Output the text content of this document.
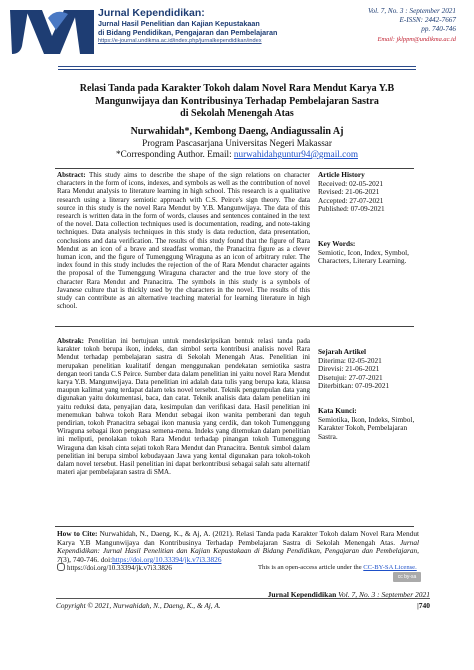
Jurnal Kependidikan:
Jurnal Hasil Penelitian dan Kajian Kepustakaan
di Bidang Pendidikan, Pengajaran dan Pembelajaran
https://e-journal.undikma.ac.id/index.php/jurnalkependidikan/index
Vol. 7, No. 3 : September 2021
E-ISSN: 2442-7667
pp. 740-746
Email: jklppm@undikma.ac.id
Relasi Tanda pada Karakter Tokoh dalam Novel Rara Mendut Karya Y.B
Mangunwijaya dan Kontribusinya Terhadap Pembelajaran Sastra
di Sekolah Menengah Atas
Nurwahidah*, Kembong Daeng, Andiagussalin Aj
Program Pascasarjana Universitas Negeri Makassar
*Corresponding Author. Email: nurwahidahguntur94@gmail.com
Abstract: This study aims to describe the shape of the sign relations on character characters in the form of icons, indexes, and symbols as well as the contribution of novel Rara Mendut analysis to literature learning in high school. This research is a qualitative research using a literary semiotic approach with C.S. Peirce's sign theory. The data source in this study is the novel Rara Mendut by Y.B. Mangunwijaya. The data of this research is written data in the form of words, clauses and sentences contained in the text of the novel. Data collection techniques used is documentation, reading, and note-taking techniques. Data analysis techniques in this study is data reduction, data presentation, conclusions and data verification. The results of this study found that the figure of Rara Mendut as an icon of a brave and steadfast woman, the Pranacitra figure as a clever human icon, and the figure of Tumenggung Wiraguna as an icon of arbitrary ruler. The index found in this study includes the rejection of the of Rara Mendut character againts the proposal of the Tumenggung Wiraguna character and the true love story of the character Rara Mendut and Pranacitra. The symbols in this study is a symbols of Javanese culture that is thickly used by the characters in the novel. The results of this study can contribute as an alternative teaching material for learning literature in high school.
Article History
Received: 02-05-2021
Revised: 21-06-2021
Accepted: 27-07-2021
Published: 07-09-2021
Key Words:
Semiotic, Icon, Index, Symbol, Characters, Literary Learning.
Abstrak: Penelitian ini bertujuan untuk mendeskripsikan bentuk relasi tanda pada karakter tokoh berupa ikon, indeks, dan simbol serta kontribusi analisis novel Rara Mendut terhadap pembelajaran sastra di Sekolah Menengah Atas. Penelitian ini merupakan penelitian kualitatif dengan menggunakan pendekatan semiotika sastra dengan teori tanda C.S Peirce. Sumber data dalam penelitian ini yaitu novel Rara Mendut karya Y.B. Mangunwijaya. Data penelitian ini adalah data tulis yang berupa kata, klausa maupun kalimat yang terdapat dalam teks novel tersebut. Teknik pengumpulan data yang digunakan yaitu dokumentasi, baca, dan catat. Teknik analisis data dalam penelitian ini yaitu reduksi data, penyajian data, kesimpulan dan verifikasi data. Hasil penelitian ini menemukan bahwa tokoh Rara Mendut sebagai ikon wanita pemberani dan teguh pendirian, tokoh Pranacitra sebagai ikon manusia yang cerdik, dan tokoh Tumenggung Wiraguna sebagai ikon penguasa semena-mena. Indeks yang ditemukan dalam penelitian ini meliputi, penolakan tokoh Rara Mendut terhadap pinangan tokoh Tumenggung Wiraguna dan kisah cinta sejati tokoh Rara Mendut dan Pranacitra. Bentuk simbol dalam penelitian ini berupa simbol kebudayaan Jawa yang kental digunakan para tokoh-tokoh dalam novel tersebut. Hasil penelitian ini dapat berkontribusi sebagai salah satu alternatif materi ajar pembelajaran sastra di SMA.
Sejarah Artikel
Diterima: 02-05-2021
Direvisi: 21-06-2021
Disetujui: 27-07-2021
Diterbitkan: 07-09-2021
Kata Kunci:
Semiotika, Ikon, Indeks, Simbol, Karakter Tokoh, Pembelajaran Sastra.
How to Cite: Nurwahidah, N., Daeng, K., & Aj, A. (2021). Relasi Tanda pada Karakter Tokoh dalam Novel Rara Mendut Karya Y.B Mangunwijaya dan Kontribusinya Terhadap Pembelajaran Sastra di Sekolah Menengah Atas. Jurnal Kependidikan: Jurnal Hasil Penelitian dan Kajian Kepustakaan di Bidang Pendidikan, Pengajaran dan Pembelajaran, 7(3), 740-746. doi:https://doi.org/10.33394/jk.v7i3.3826
https://doi.org/10.33394/jk.v7i3.3826	This is an open-access article under the CC-BY-SA License.
cc by-sa
Jurnal Kependidikan Vol. 7, No. 3 : September 2021
Copyright © 2021, Nurwahidah, N., Daeng, K., & Aj, A.	|740
